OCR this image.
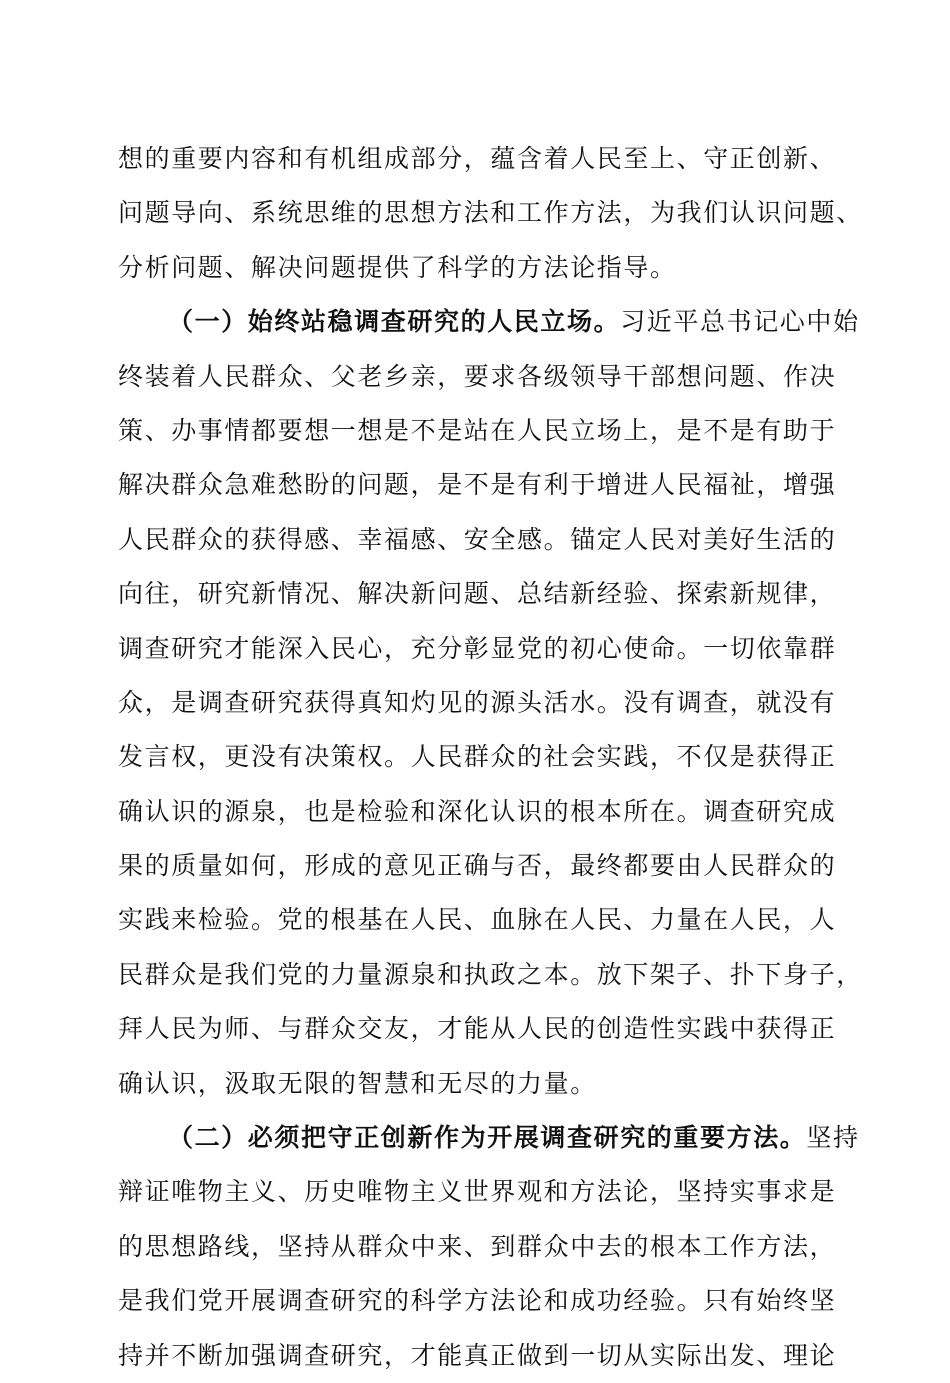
想的重要内容和有机组成部分，蕴含着人民至上、守正创新、
问题导向、系统思维的思想方法和工作方法，为我们认识问题、
分析问题、解决问题提供了科学的方法论指导。
（一）始终站稳调查研究的人民立场。习近平总书记心中始
终装着人民群众、父老乡亲，要求各级领导干部想问题、作决
策、办事情都要想一想是不是站在人民立场上，是不是有助于
解决群众急难愁盼的问题，是不是有利于增进人民福祉，增强
人民群众的获得感、幸福感、安全感。锚定人民对美好生活的
向往，研究新情况、解决新问题、总结新经验、探索新规律，
调查研究才能深入民心，充分彰显党的初心使命。一切依靠群
众，是调查研究获得真知灼见的源头活水。没有调查，就没有
发言权，更没有决策权。人民群众的社会实践，不仅是获得正
确认识的源泉，也是检验和深化认识的根本所在。调查研究成
果的质量如何，形成的意见正确与否，最终都要由人民群众的
实践来检验。党的根基在人民、血脉在人民、力量在人民，人
民群众是我们党的力量源泉和执政之本。放下架子、扑下身子，
拜人民为师、与群众交友，才能从人民的创造性实践中获得正
确认识，汲取无限的智慧和无尽的力量。
（二）必须把守正创新作为开展调查研究的重要方法。坚持
辩证唯物主义、历史唯物主义世界观和方法论，坚持实事求是
的思想路线，坚持从群众中来、到群众中去的根本工作方法，
是我们党开展调查研究的科学方法论和成功经验。只有始终坚
持并不断加强调查研究，才能真正做到一切从实际出发、理论
